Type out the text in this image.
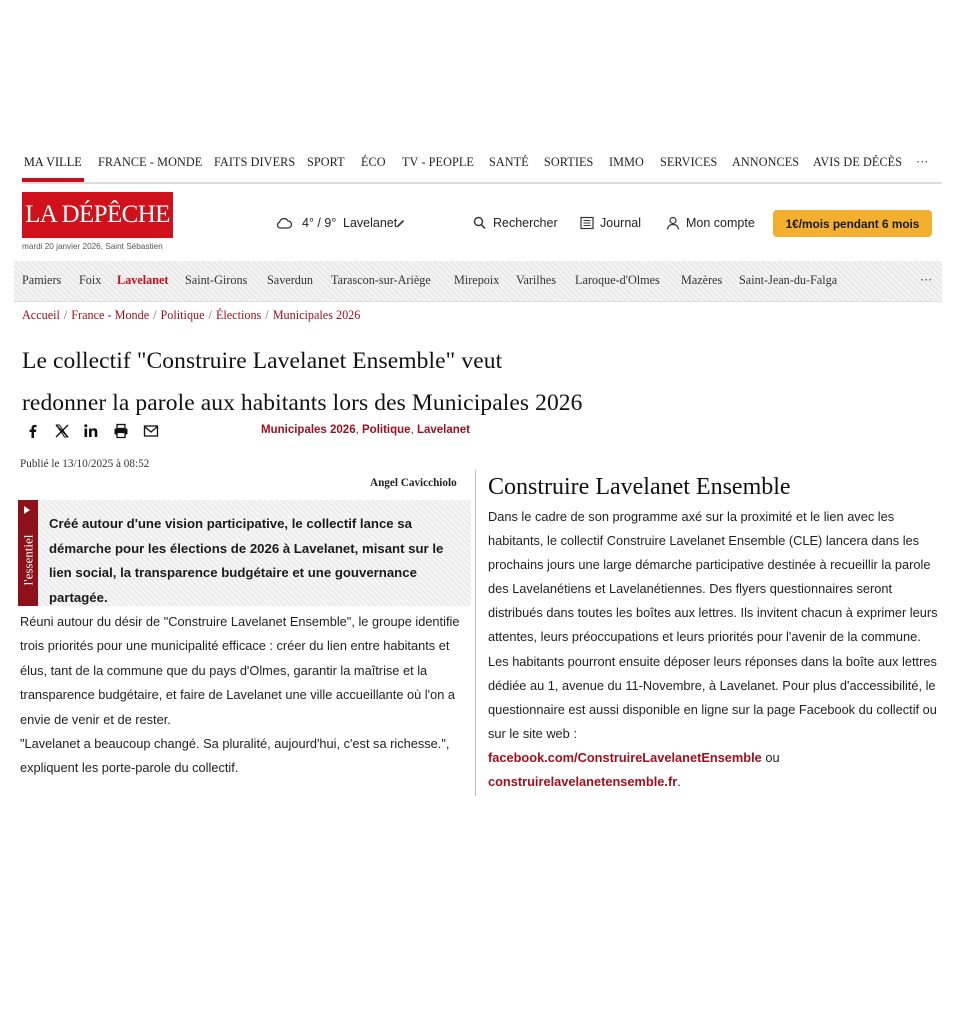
MA VILLE FRANCE - MONDE FAITS DIVERS SPORT ÉCO TV - PEOPLE SANTÉ SORTIES IMMO SERVICES ANNONCES AVIS DE DÉCÈS ···
LA DÉPÊCHE
mardi 20 janvier 2026, Saint Sébastien
4° / 9° Lavelanet	Rechercher	Journal	Mon compte	1€/mois pendant 6 mois
Pamiers Foix Lavelanet Saint-Girons Saverdun Tarascon-sur-Ariège Mirepoix Varilhes Laroque-d'Olmes Mazères Saint-Jean-du-Falga	···
Accueil / France - Monde / Politique / Élections / Municipales 2026
Le collectif "Construire Lavelanet Ensemble" veut
redonner la parole aux habitants lors des Municipales 2026
Municipales 2026, Politique, Lavelanet
Publié le 13/10/2025 à 08:52
Angel Cavicchiolo
l'essentiel
Créé autour d'une vision participative, le collectif lance sa démarche pour les élections de 2026 à Lavelanet, misant sur le lien social, la transparence budgétaire et une gouvernance partagée.

Réuni autour du désir de "Construire Lavelanet Ensemble", le groupe identifie trois priorités pour une municipalité efficace : créer du lien entre habitants et élus, tant de la commune que du pays d'Olmes, garantir la maîtrise et la transparence budgétaire, et faire de Lavelanet une ville accueillante où l'on a envie de venir et de rester.

"Lavelanet a beaucoup changé. Sa pluralité, aujourd'hui, c'est sa richesse.", expliquent les porte-parole du collectif.

Construire Lavelanet Ensemble

Dans le cadre de son programme axé sur la proximité et le lien avec les habitants, le collectif Construire Lavelanet Ensemble (CLE) lancera dans les prochains jours une large démarche participative destinée à recueillir la parole des Lavelanétiens et Lavelanétiennes. Des flyers questionnaires seront distribués dans toutes les boîtes aux lettres. Ils invitent chacun à exprimer leurs attentes, leurs préoccupations et leurs priorités pour l'avenir de la commune. Les habitants pourront ensuite déposer leurs réponses dans la boîte aux lettres dédiée au 1, avenue du 11-Novembre, à Lavelanet. Pour plus d'accessibilité, le questionnaire est aussi disponible en ligne sur la page Facebook du collectif ou sur le site web :
facebook.com/ConstruireLavelanetEnsemble ou
construirelavelanetensemble.fr.
